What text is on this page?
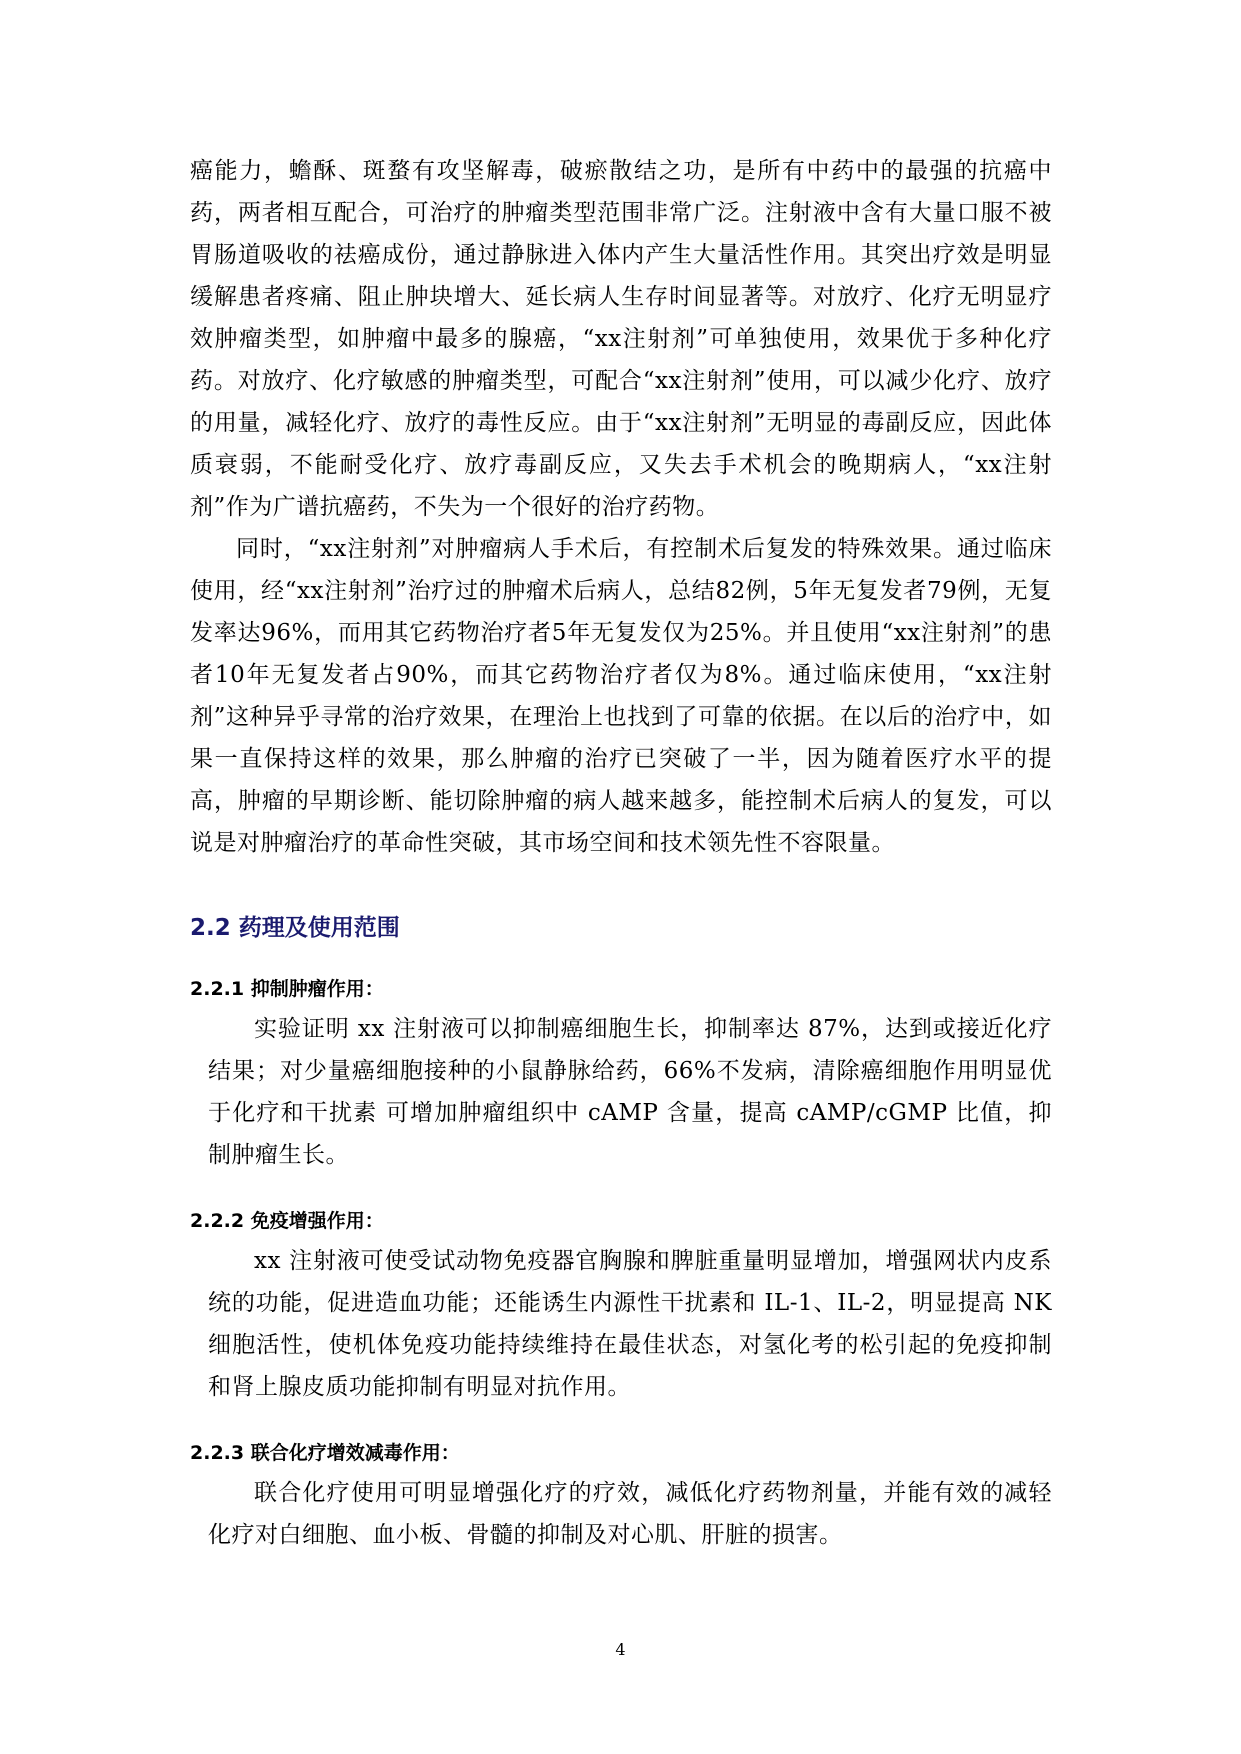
癌能力，蟾酥、斑蝥有攻坚解毒，破瘀散结之功，是所有中药中的最强的抗癌中药，两者相互配合，可治疗的肿瘤类型范围非常广泛。注射液中含有大量口服不被胃肠道吸收的祛癌成份，通过静脉进入体内产生大量活性作用。其突出疗效是明显缓解患者疼痛、阻止肿块增大、延长病人生存时间显著等。对放疗、化疗无明显疗效肿瘤类型，如肿瘤中最多的腺癌，“xx注射剂”可单独使用，效果优于多种化疗药。对放疗、化疗敏感的肿瘤类型，可配合“xx注射剂”使用，可以减少化疗、放疗的用量，减轻化疗、放疗的毒性反应。由于“xx注射剂”无明显的毒副反应，因此体质衰弱，不能耐受化疗、放疗毒副反应，又失去手术机会的晚期病人，“xx注射剂”作为广谱抗癌药，不失为一个很好的治疗药物。

同时，“xx注射剂”对肿瘤病人手术后，有控制术后复发的特殊效果。通过临床使用，经“xx注射剂”治疗过的肿瘤术后病人，总结82例，5年无复发者79例，无复发率达96%，而用其它药物治疗者5年无复发仅为25%。并且使用“xx注射剂”的患者10年无复发者占90%，而其它药物治疗者仅为8%。通过临床使用，“xx注射剂”这种异乎寻常的治疗效果，在理治上也找到了可靠的依据。在以后的治疗中，如果一直保持这样的效果，那么肿瘤的治疗已突破了一半，因为随着医疗水平的提高，肿瘤的早期诊断、能切除肿瘤的病人越来越多，能控制术后病人的复发，可以说是对肿瘤治疗的革命性突破，其市场空间和技术领先性不容限量。

2.2 药理及使用范围
2.2.1 抑制肿瘤作用：

实验证明 xx 注射液可以抑制癌细胞生长，抑制率达 87%，达到或接近化疗结果；对少量癌细胞接种的小鼠静脉给药，66%不发病，清除癌细胞作用明显优于化疗和干扰素 可增加肿瘤组织中 cAMP 含量，提高 cAMP/cGMP 比值，抑制肿瘤生长。

2.2.2 免疫增强作用：

xx 注射液可使受试动物免疫器官胸腺和脾脏重量明显增加，增强网状内皮系统的功能，促进造血功能；还能诱生内源性干扰素和 IL-1、IL-2，明显提高 NK 细胞活性，使机体免疫功能持续维持在最佳状态，对氢化考的松引起的免疫抑制和肾上腺皮质功能抑制有明显对抗作用。

2.2.3 联合化疗增效减毒作用：

联合化疗使用可明显增强化疗的疗效，减低化疗药物剂量，并能有效的减轻化疗对白细胞、血小板、骨髓的抑制及对心肌、肝脏的损害。

4
